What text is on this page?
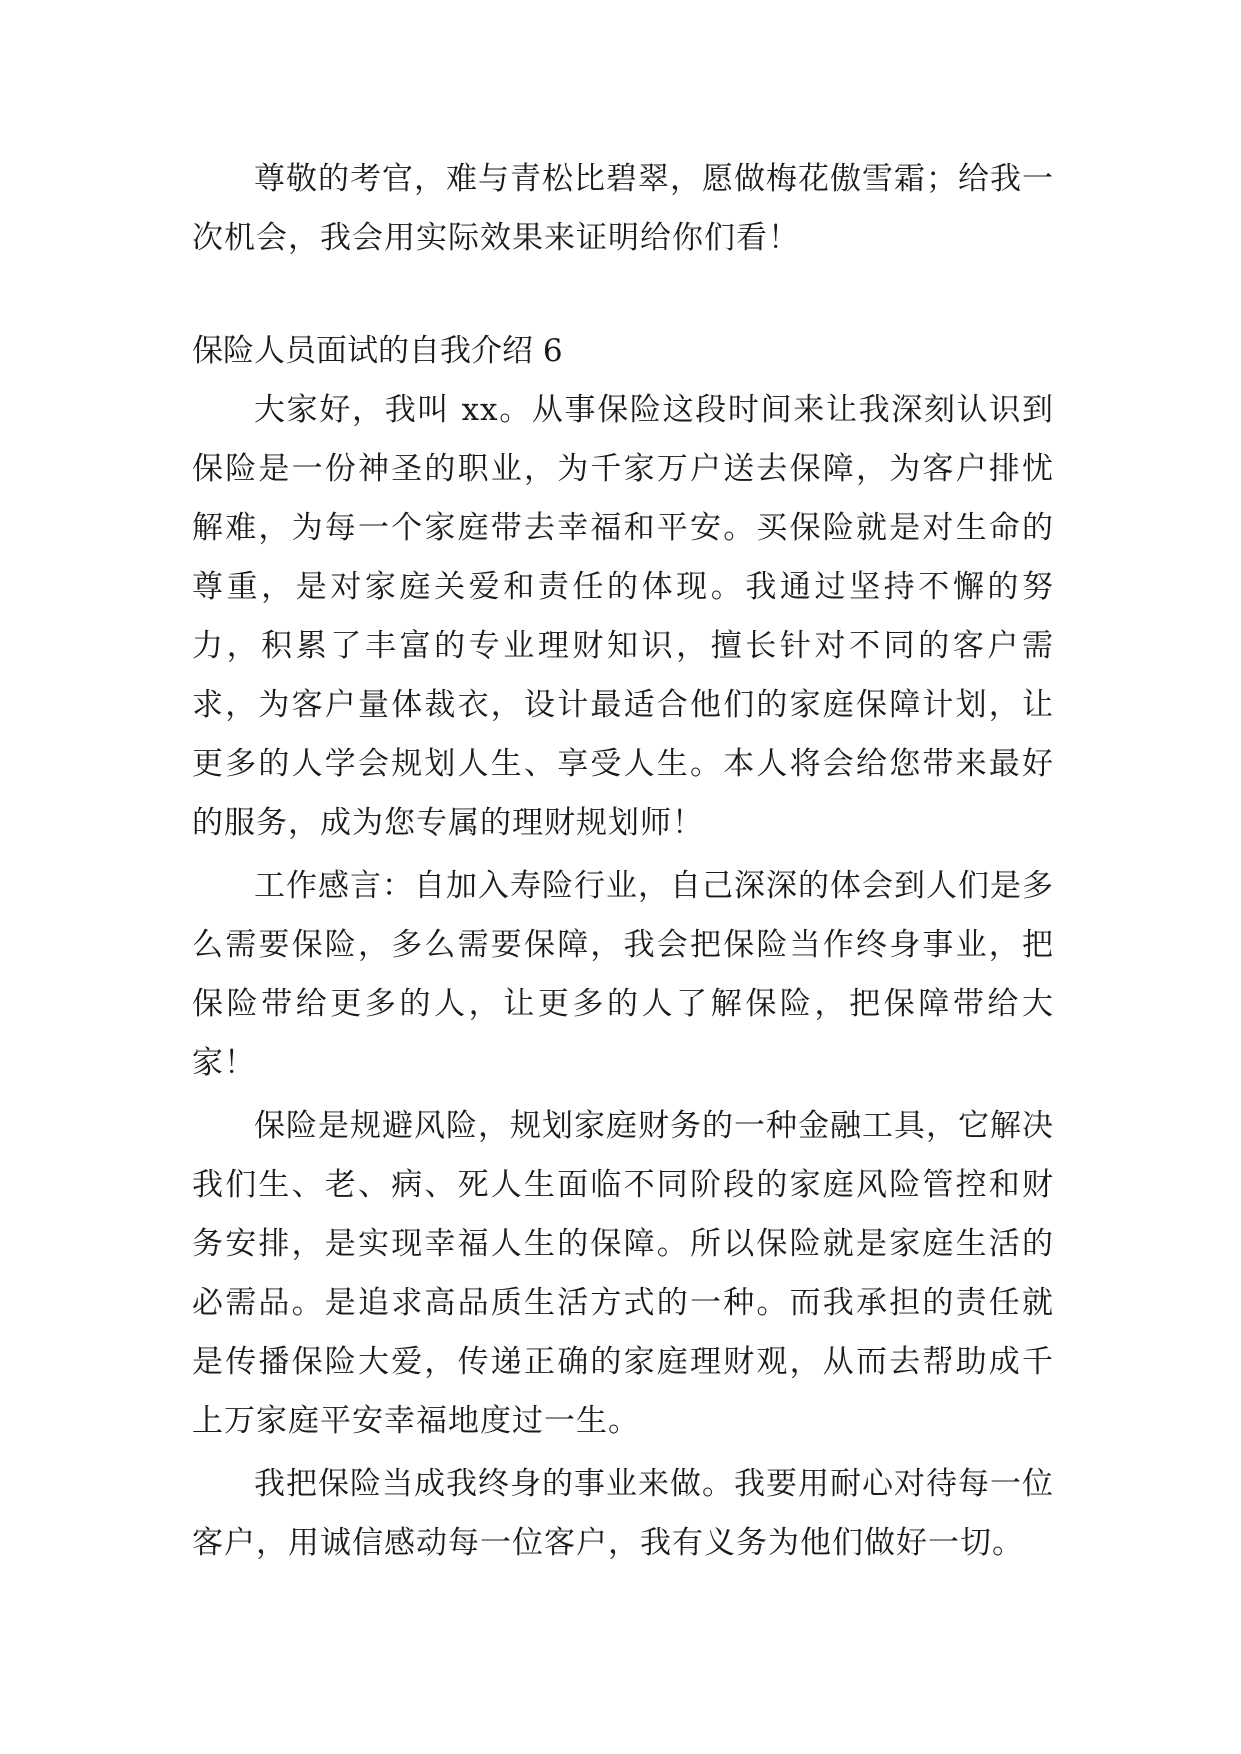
尊敬的考官，难与青松比碧翠，愿做梅花傲雪霜；给我一次机会，我会用实际效果来证明给你们看！

保险人员面试的自我介绍 6

大家好，我叫 xx。从事保险这段时间来让我深刻认识到保险是一份神圣的职业，为千家万户送去保障，为客户排忧解难，为每一个家庭带去幸福和平安。买保险就是对生命的尊重，是对家庭关爱和责任的体现。我通过坚持不懈的努力，积累了丰富的专业理财知识，擅长针对不同的客户需求，为客户量体裁衣，设计最适合他们的家庭保障计划，让更多的人学会规划人生、享受人生。本人将会给您带来最好的服务，成为您专属的理财规划师！

工作感言：自加入寿险行业，自己深深的体会到人们是多么需要保险，多么需要保障，我会把保险当作终身事业，把保险带给更多的人，让更多的人了解保险，把保障带给大家！

保险是规避风险，规划家庭财务的一种金融工具，它解决我们生、老、病、死人生面临不同阶段的家庭风险管控和财务安排，是实现幸福人生的保障。所以保险就是家庭生活的必需品。是追求高品质生活方式的一种。而我承担的责任就是传播保险大爱，传递正确的家庭理财观，从而去帮助成千上万家庭平安幸福地度过一生。

我把保险当成我终身的事业来做。我要用耐心对待每一位客户，用诚信感动每一位客户，我有义务为他们做好一切。
